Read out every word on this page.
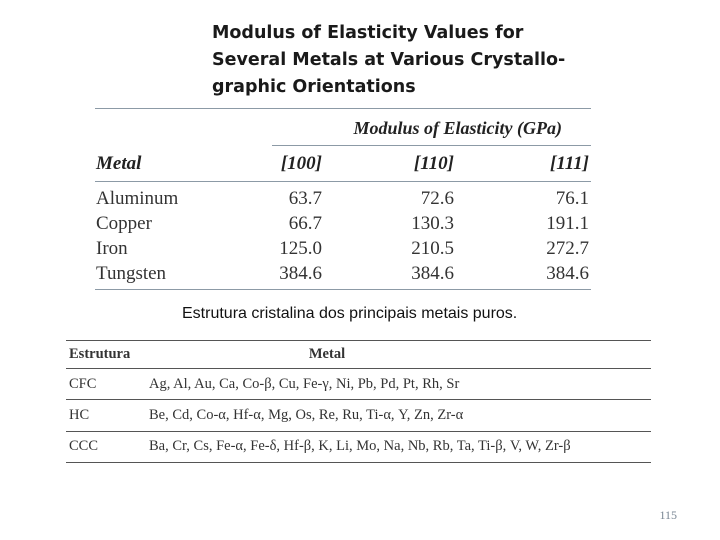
Modulus of Elasticity Values for
Several Metals at Various Crystallo-
graphic Orientations
Modulus of Elasticity (GPa)
Metal	[100]	[110]	[111]
Aluminum	63.7	72.6	76.1
Copper	66.7	130.3	191.1
Iron	125.0	210.5	272.7
Tungsten	384.6	384.6	384.6
Estrutura cristalina dos principais metais puros.
Estrutura	Metal
CFC	Ag, Al, Au, Ca, Co-β, Cu, Fe-γ, Ni, Pb, Pd, Pt, Rh, Sr
HC	Be, Cd, Co-α, Hf-α, Mg, Os, Re, Ru, Ti-α, Y, Zn, Zr-α
CCC	Ba, Cr, Cs, Fe-α, Fe-δ, Hf-β, K, Li, Mo, Na, Nb, Rb, Ta, Ti-β, V, W, Zr-β
115
